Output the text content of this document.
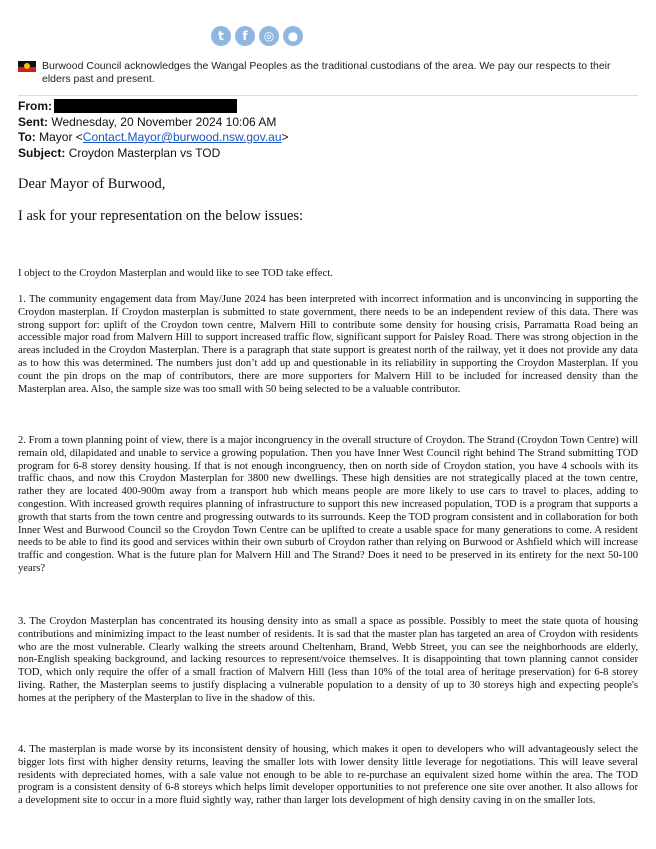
t	f	◎	●
Burwood Council acknowledges the Wangal Peoples as the traditional custodians of the area. We pay our respects to their elders past and present.
From:
Sent: Wednesday, 20 November 2024 10:06 AM
To: Mayor <Contact.Mayor@burwood.nsw.gov.au>
Subject: Croydon Masterplan vs TOD
Dear Mayor of Burwood,
I ask for your representation on the below issues:
I object to the Croydon Masterplan and would like to see TOD take effect.
1. The community engagement data from May/June 2024 has been interpreted with incorrect information and is unconvincing in supporting the Croydon masterplan. If Croydon masterplan is submitted to state government, there needs to be an independent review of this data. There was strong support for: uplift of the Croydon town centre, Malvern Hill to contribute some density for housing crisis, Parramatta Road being an accessible major road from Malvern Hill to support increased traffic flow, significant support for Paisley Road. There was strong objection in the areas included in the Croydon Masterplan. There is a paragraph that state support is greatest north of the railway, yet it does not provide any data as to how this was determined. The numbers just don’t add up and questionable in its reliability in supporting the Croydon Masterplan. If you count the pin drops on the map of contributors, there are more supporters for Malvern Hill to be included for increased density than the Masterplan area. Also, the sample size was too small with 50 being selected to be a valuable contributor.
2. From a town planning point of view, there is a major incongruency in the overall structure of Croydon. The Strand (Croydon Town Centre) will remain old, dilapidated and unable to service a growing population. Then you have Inner West Council right behind The Strand submitting TOD program for 6-8 storey density housing. If that is not enough incongruency, then on north side of Croydon station, you have 4 schools with its traffic chaos, and now this Croydon Masterplan for 3800 new dwellings. These high densities are not strategically placed at the town centre, rather they are located 400-900m away from a transport hub which means people are more likely to use cars to travel to places, adding to congestion. With increased growth requires planning of infrastructure to support this new increased population, TOD is a program that supports a growth that starts from the town centre and progressing outwards to its surrounds. Keep the TOD program consistent and in collaboration for both Inner West and Burwood Council so the Croydon Town Centre can be uplifted to create a usable space for many generations to come. A resident needs to be able to find its good and services within their own suburb of Croydon rather than relying on Burwood or Ashfield which will increase traffic and congestion. What is the future plan for Malvern Hill and The Strand? Does it need to be preserved in its entirety for the next 50-100 years?
3. The Croydon Masterplan has concentrated its housing density into as small a space as possible. Possibly to meet the state quota of housing contributions and minimizing impact to the least number of residents. It is sad that the master plan has targeted an area of Croydon with residents who are the most vulnerable. Clearly walking the streets around Cheltenham, Brand, Webb Street, you can see the neighborhoods are elderly, non-English speaking background, and lacking resources to represent/voice themselves. It is disappointing that town planning cannot consider TOD, which only require the offer of a small fraction of Malvern Hill (less than 10% of the total area of heritage preservation) for 6-8 storey living. Rather, the Masterplan seems to justify displacing a vulnerable population to a density of up to 30 storeys high and expecting people's homes at the periphery of the Masterplan to live in the shadow of this.
4. The masterplan is made worse by its inconsistent density of housing, which makes it open to developers who will advantageously select the bigger lots first with higher density returns, leaving the smaller lots with lower density little leverage for negotiations. This will leave several residents with depreciated homes, with a sale value not enough to be able to re-purchase an equivalent sized home within the area. The TOD program is a consistent density of 6-8 storeys which helps limit developer opportunities to not preference one site over another. It also allows for a development site to occur in a more fluid sightly way, rather than larger lots development of high density caving in on the smaller lots.
